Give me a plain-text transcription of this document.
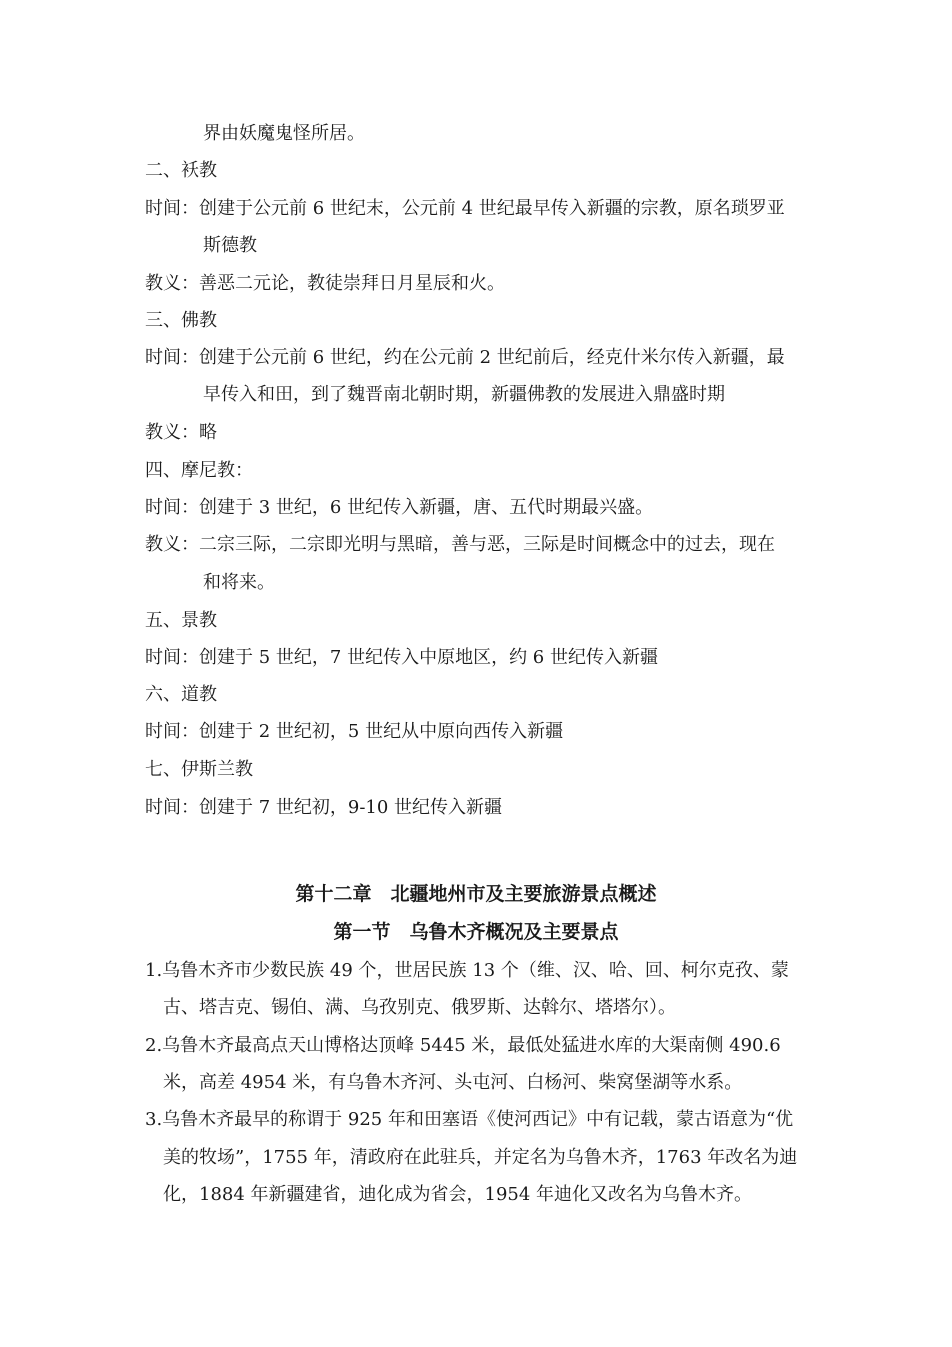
界由妖魔鬼怪所居。

二、袄教

时间：创建于公元前 6 世纪末，公元前 4 世纪最早传入新疆的宗教，原名琐罗亚

斯德教

教义：善恶二元论，教徒崇拜日月星辰和火。

三、佛教

时间：创建于公元前 6 世纪，约在公元前 2 世纪前后，经克什米尔传入新疆，最

早传入和田，到了魏晋南北朝时期，新疆佛教的发展进入鼎盛时期

教义：略

四、摩尼教：

时间：创建于 3 世纪，6 世纪传入新疆，唐、五代时期最兴盛。

教义：二宗三际，二宗即光明与黑暗，善与恶，三际是时间概念中的过去，现在

和将来。

五、景教

时间：创建于 5 世纪，7 世纪传入中原地区，约 6 世纪传入新疆

六、道教

时间：创建于 2 世纪初，5 世纪从中原向西传入新疆

七、伊斯兰教

时间：创建于 7 世纪初，9-10 世纪传入新疆

第十二章　北疆地州市及主要旅游景点概述
第一节　乌鲁木齐概况及主要景点

1.乌鲁木齐市少数民族 49 个，世居民族 13 个（维、汉、哈、回、柯尔克孜、蒙

古、塔吉克、锡伯、满、乌孜别克、俄罗斯、达斡尔、塔塔尔）。

2.乌鲁木齐最高点天山博格达顶峰 5445 米，最低处猛进水库的大渠南侧 490.6

米，高差 4954 米，有乌鲁木齐河、头屯河、白杨河、柴窝堡湖等水系。

3.乌鲁木齐最早的称谓于 925 年和田塞语《使河西记》中有记载，蒙古语意为“优

美的牧场”，1755 年，清政府在此驻兵，并定名为乌鲁木齐，1763 年改名为迪

化，1884 年新疆建省，迪化成为省会，1954 年迪化又改名为乌鲁木齐。
